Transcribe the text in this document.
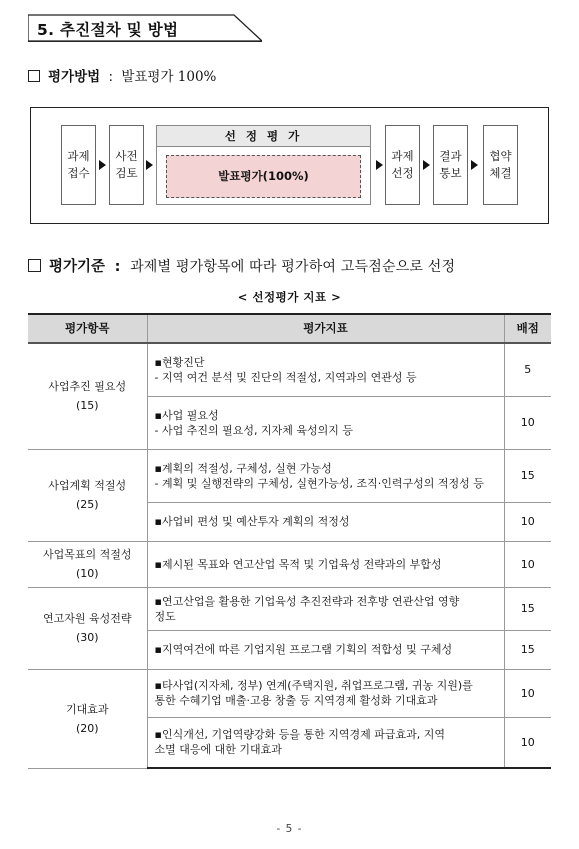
5. 추진절차 및 방법
평가방법 : 발표평가 100%
과제
접수
사전
검토
선 정 평 가
발표평가(100%)
과제
선정
결과
통보
협약
체결
평가기준 : 과제별 평가항목에 따라 평가하여 고득점순으로 선정
< 선정평가 지표 >
평가항목	평가지표	배점

사업추진 필요성
(15)	▪현황진단
- 지역 여건 분석 및 진단의 적절성, 지역과의 연관성 등	5

	▪사업 필요성
- 사업 추진의 필요성, 지자체 육성의지 등	10

사업계획 적절성
(25)	▪계획의 적절성, 구체성, 실현 가능성
- 계획 및 실행전략의 구체성, 실현가능성, 조직·인력구성의 적정성 등	15

	▪사업비 편성 및 예산투자 계획의 적정성	10

사업목표의 적절성
(10)	▪제시된 목표와 연고산업 목적 및 기업육성 전략과의 부합성	10

연고자원 육성전략
(30)	▪연고산업을 활용한 기업육성 추진전략과 전후방 연관산업 영향
정도	15

	▪지역여건에 따른 기업지원 프로그램 기획의 적합성 및 구체성	15

기대효과
(20)	▪타사업(지자체, 정부) 연계(주택지원, 취업프로그램, 귀농 지원)를
통한 수혜기업 매출·고용 창출 등 지역경제 활성화 기대효과	10

	▪인식개선, 기업역량강화 등을 통한 지역경제 파급효과, 지역
소멸 대응에 대한 기대효과	10
- 5 -
